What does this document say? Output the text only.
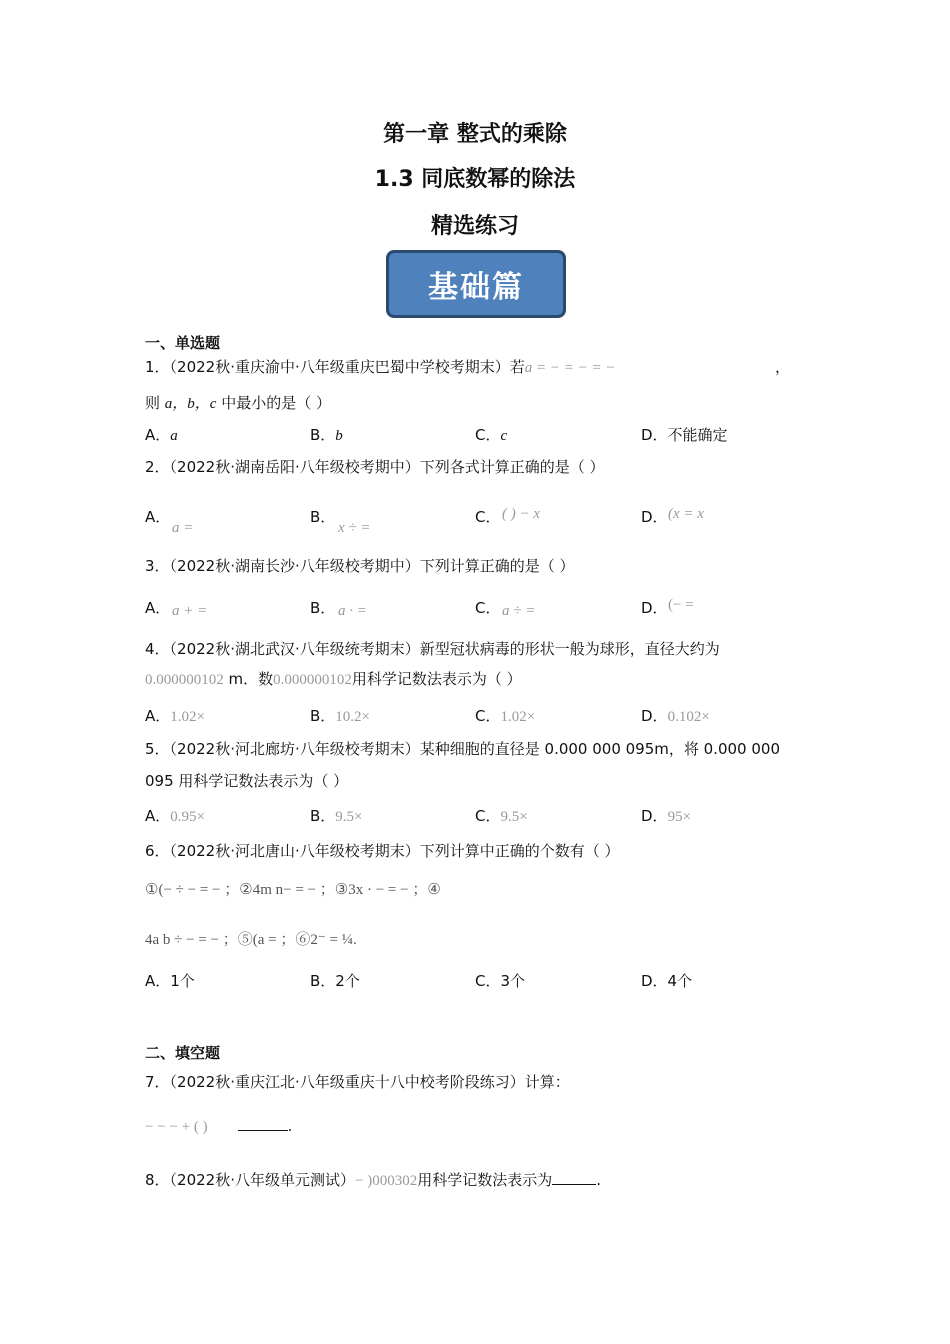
第一章 整式的乘除
1.3 同底数幂的除法
精选练习
基础篇
一、单选题
1．（2022秋·重庆渝中·八年级重庆巴蜀中学校考期末）若a = − = − = −	，
则 a，b，c 中最小的是（ ）
A．a	B．b	C．c	D．不能确定
2．（2022秋·湖南岳阳·八年级校考期中）下列各式计算正确的是（ ）
A．
a =
B．
x ÷ =
C． ( ) − x	D． (x = x
3．（2022秋·湖南长沙·八年级校考期中）下列计算正确的是（ ）
A． a + =	B． a · =	C． a ÷ =	D． (− =
4．（2022秋·湖北武汉·八年级统考期末）新型冠状病毒的形状一般为球形，直径大约为
0.000000102 m．数0.000000102用科学记数法表示为（ ）
A．1.02×	B．10.2×	C．1.02×	D．0.102×
5．（2022秋·河北廊坊·八年级校考期末）某种细胞的直径是 0.000 000 095m，将 0.000 000
095 用科学记数法表示为（ ）
A．0.95×	B．9.5×	C．9.5×	D．95×
6．（2022秋·河北唐山·八年级校考期末）下列计算中正确的个数有（ ）
①(− ÷ − = − ；②4m n− = − ；③3x · − = − ；④
4a b ÷ − = − ；⑤(a = ；⑥2⁻ = ¼.
A．1个	B．2个	C．3个	D．4个
二、填空题
7．（2022秋·重庆江北·八年级重庆十八中校考阶段练习）计算：
− − − + ( )	.
8．（2022秋·八年级单元测试）− )000302用科学记数法表示为	.
